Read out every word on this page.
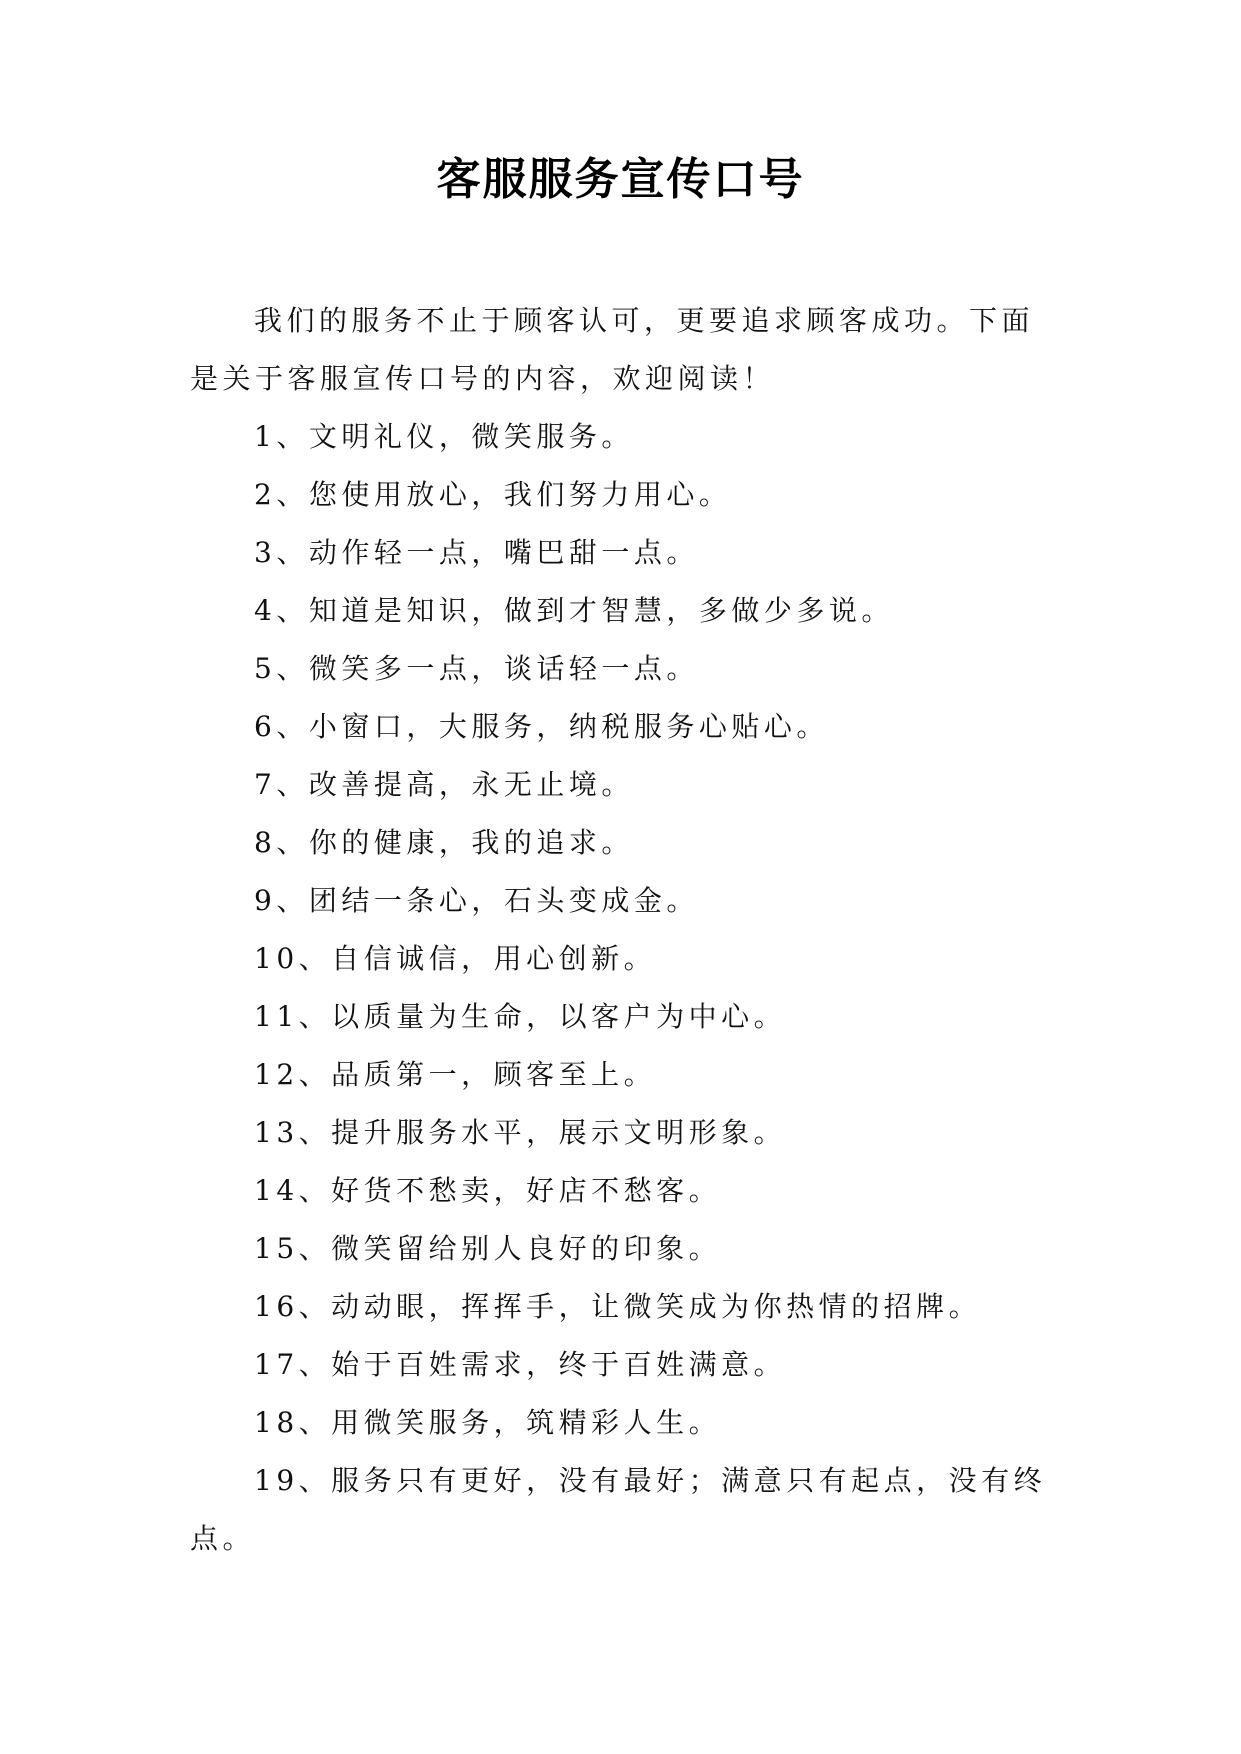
客服服务宣传口号

我们的服务不止于顾客认可，更要追求顾客成功。下面是关于客服宣传口号的内容，欢迎阅读！

1、文明礼仪，微笑服务。

2、您使用放心，我们努力用心。

3、动作轻一点，嘴巴甜一点。

4、知道是知识，做到才智慧，多做少多说。

5、微笑多一点，谈话轻一点。

6、小窗口，大服务，纳税服务心贴心。

7、改善提高，永无止境。

8、你的健康，我的追求。

9、团结一条心，石头变成金。

10、自信诚信，用心创新。

11、以质量为生命，以客户为中心。

12、品质第一，顾客至上。

13、提升服务水平，展示文明形象。

14、好货不愁卖，好店不愁客。

15、微笑留给别人良好的印象。

16、动动眼，挥挥手，让微笑成为你热情的招牌。

17、始于百姓需求，终于百姓满意。

18、用微笑服务，筑精彩人生。

19、服务只有更好，没有最好；满意只有起点，没有终点。
